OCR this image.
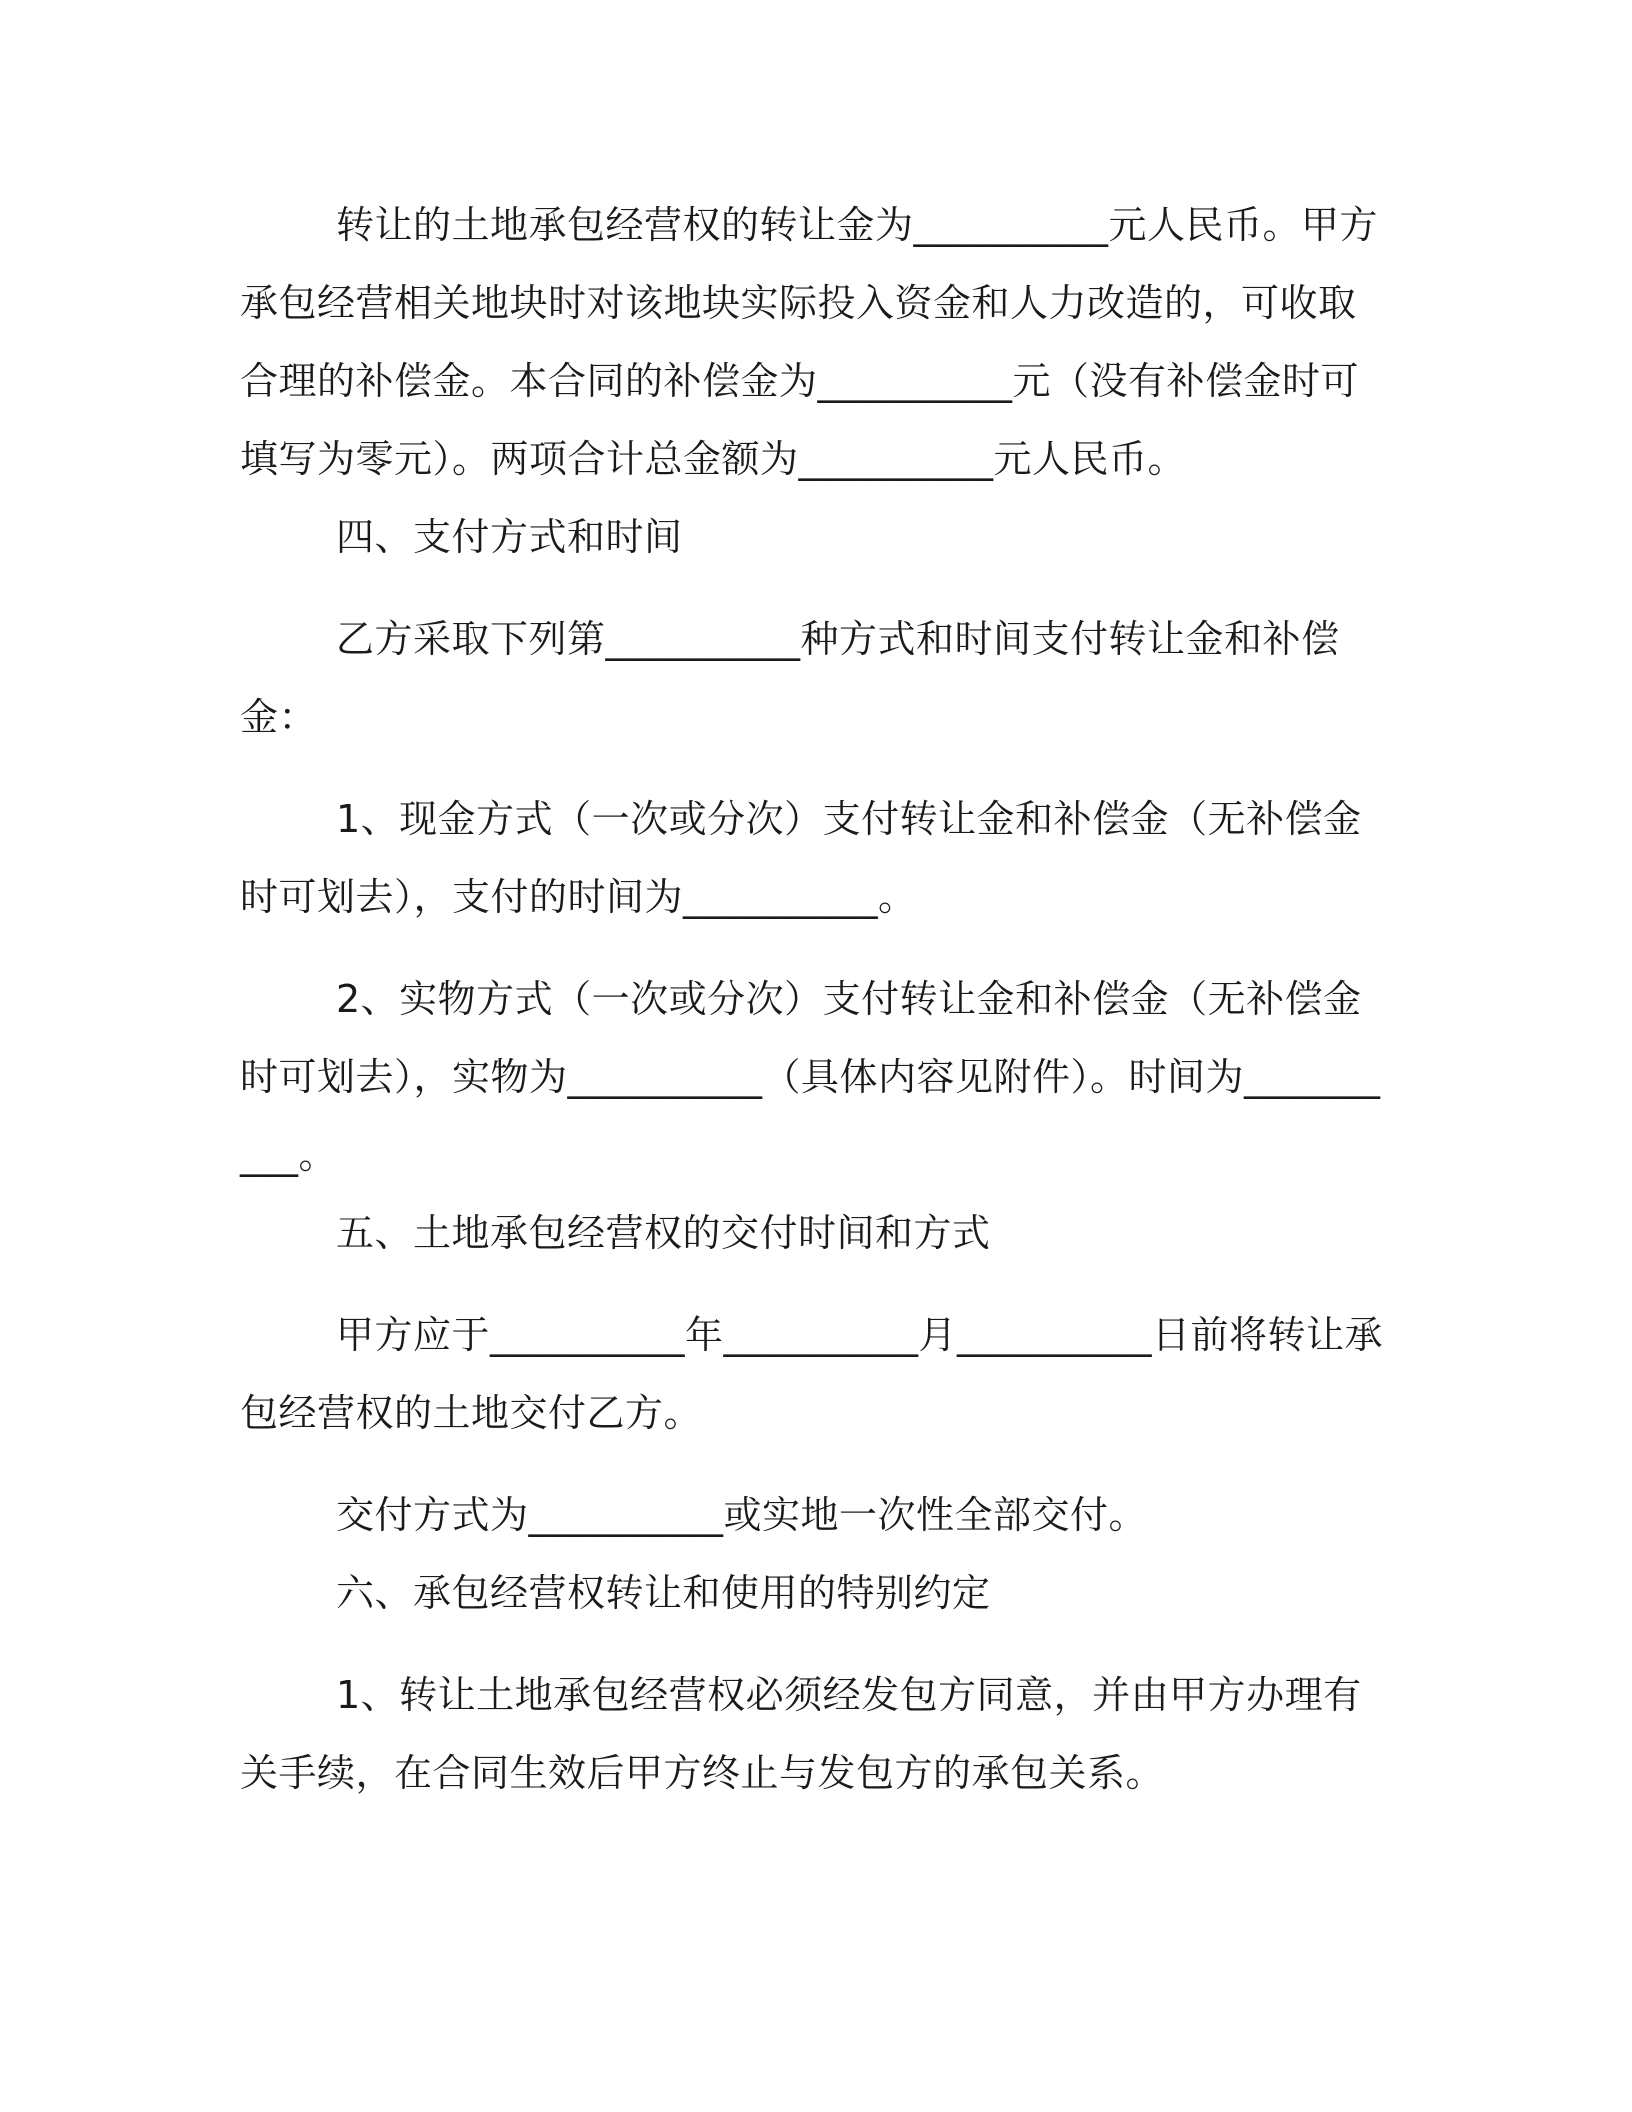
转让的土地承包经营权的转让金为__________元人民币。甲方承包经营相关地块时对该地块实际投入资金和人力改造的，可收取合理的补偿金。本合同的补偿金为__________元（没有补偿金时可填写为零元）。两项合计总金额为__________元人民币。

四、支付方式和时间

乙方采取下列第__________种方式和时间支付转让金和补偿金：

1、现金方式（一次或分次）支付转让金和补偿金（无补偿金时可划去），支付的时间为__________。

2、实物方式（一次或分次）支付转让金和补偿金（无补偿金时可划去），实物为__________（具体内容见附件）。时间为__________。

五、土地承包经营权的交付时间和方式

甲方应于__________年__________月__________日前将转让承包经营权的土地交付乙方。

交付方式为__________或实地一次性全部交付。

六、承包经营权转让和使用的特别约定

1、转让土地承包经营权必须经发包方同意，并由甲方办理有关手续，在合同生效后甲方终止与发包方的承包关系。
